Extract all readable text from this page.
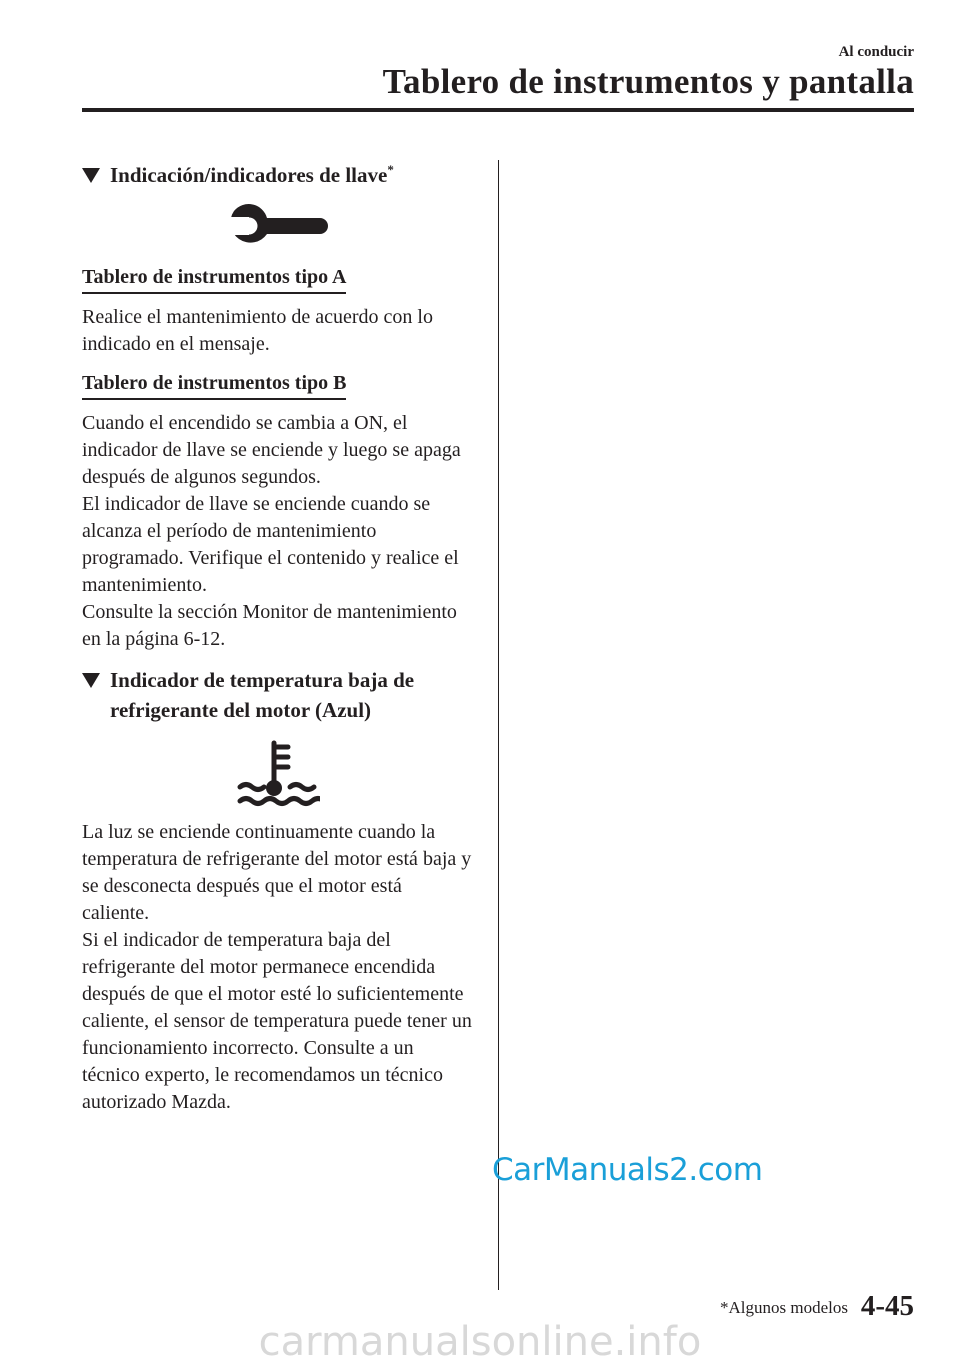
Al conducir
Tablero de instrumentos y pantalla
Indicación/indicadores de llave*
Tablero de instrumentos tipo A

Realice el mantenimiento de acuerdo con lo indicado en el mensaje.

Tablero de instrumentos tipo B

Cuando el encendido se cambia a ON, el indicador de llave se enciende y luego se apaga después de algunos segundos.

El indicador de llave se enciende cuando se alcanza el período de mantenimiento programado. Verifique el contenido y realice el mantenimiento.

Consulte la sección Monitor de mantenimiento en la página 6-12.

Indicador de temperatura baja de refrigerante del motor (Azul)

La luz se enciende continuamente cuando la temperatura de refrigerante del motor está baja y se desconecta después que el motor está caliente.

Si el indicador de temperatura baja del refrigerante del motor permanece encendida después de que el motor esté lo suficientemente caliente, el sensor de temperatura puede tener un funcionamiento incorrecto. Consulte a un técnico experto, le recomendamos un técnico autorizado Mazda.

CarManuals2.com
*Algunos modelos 4-45
carmanualsonline.info
